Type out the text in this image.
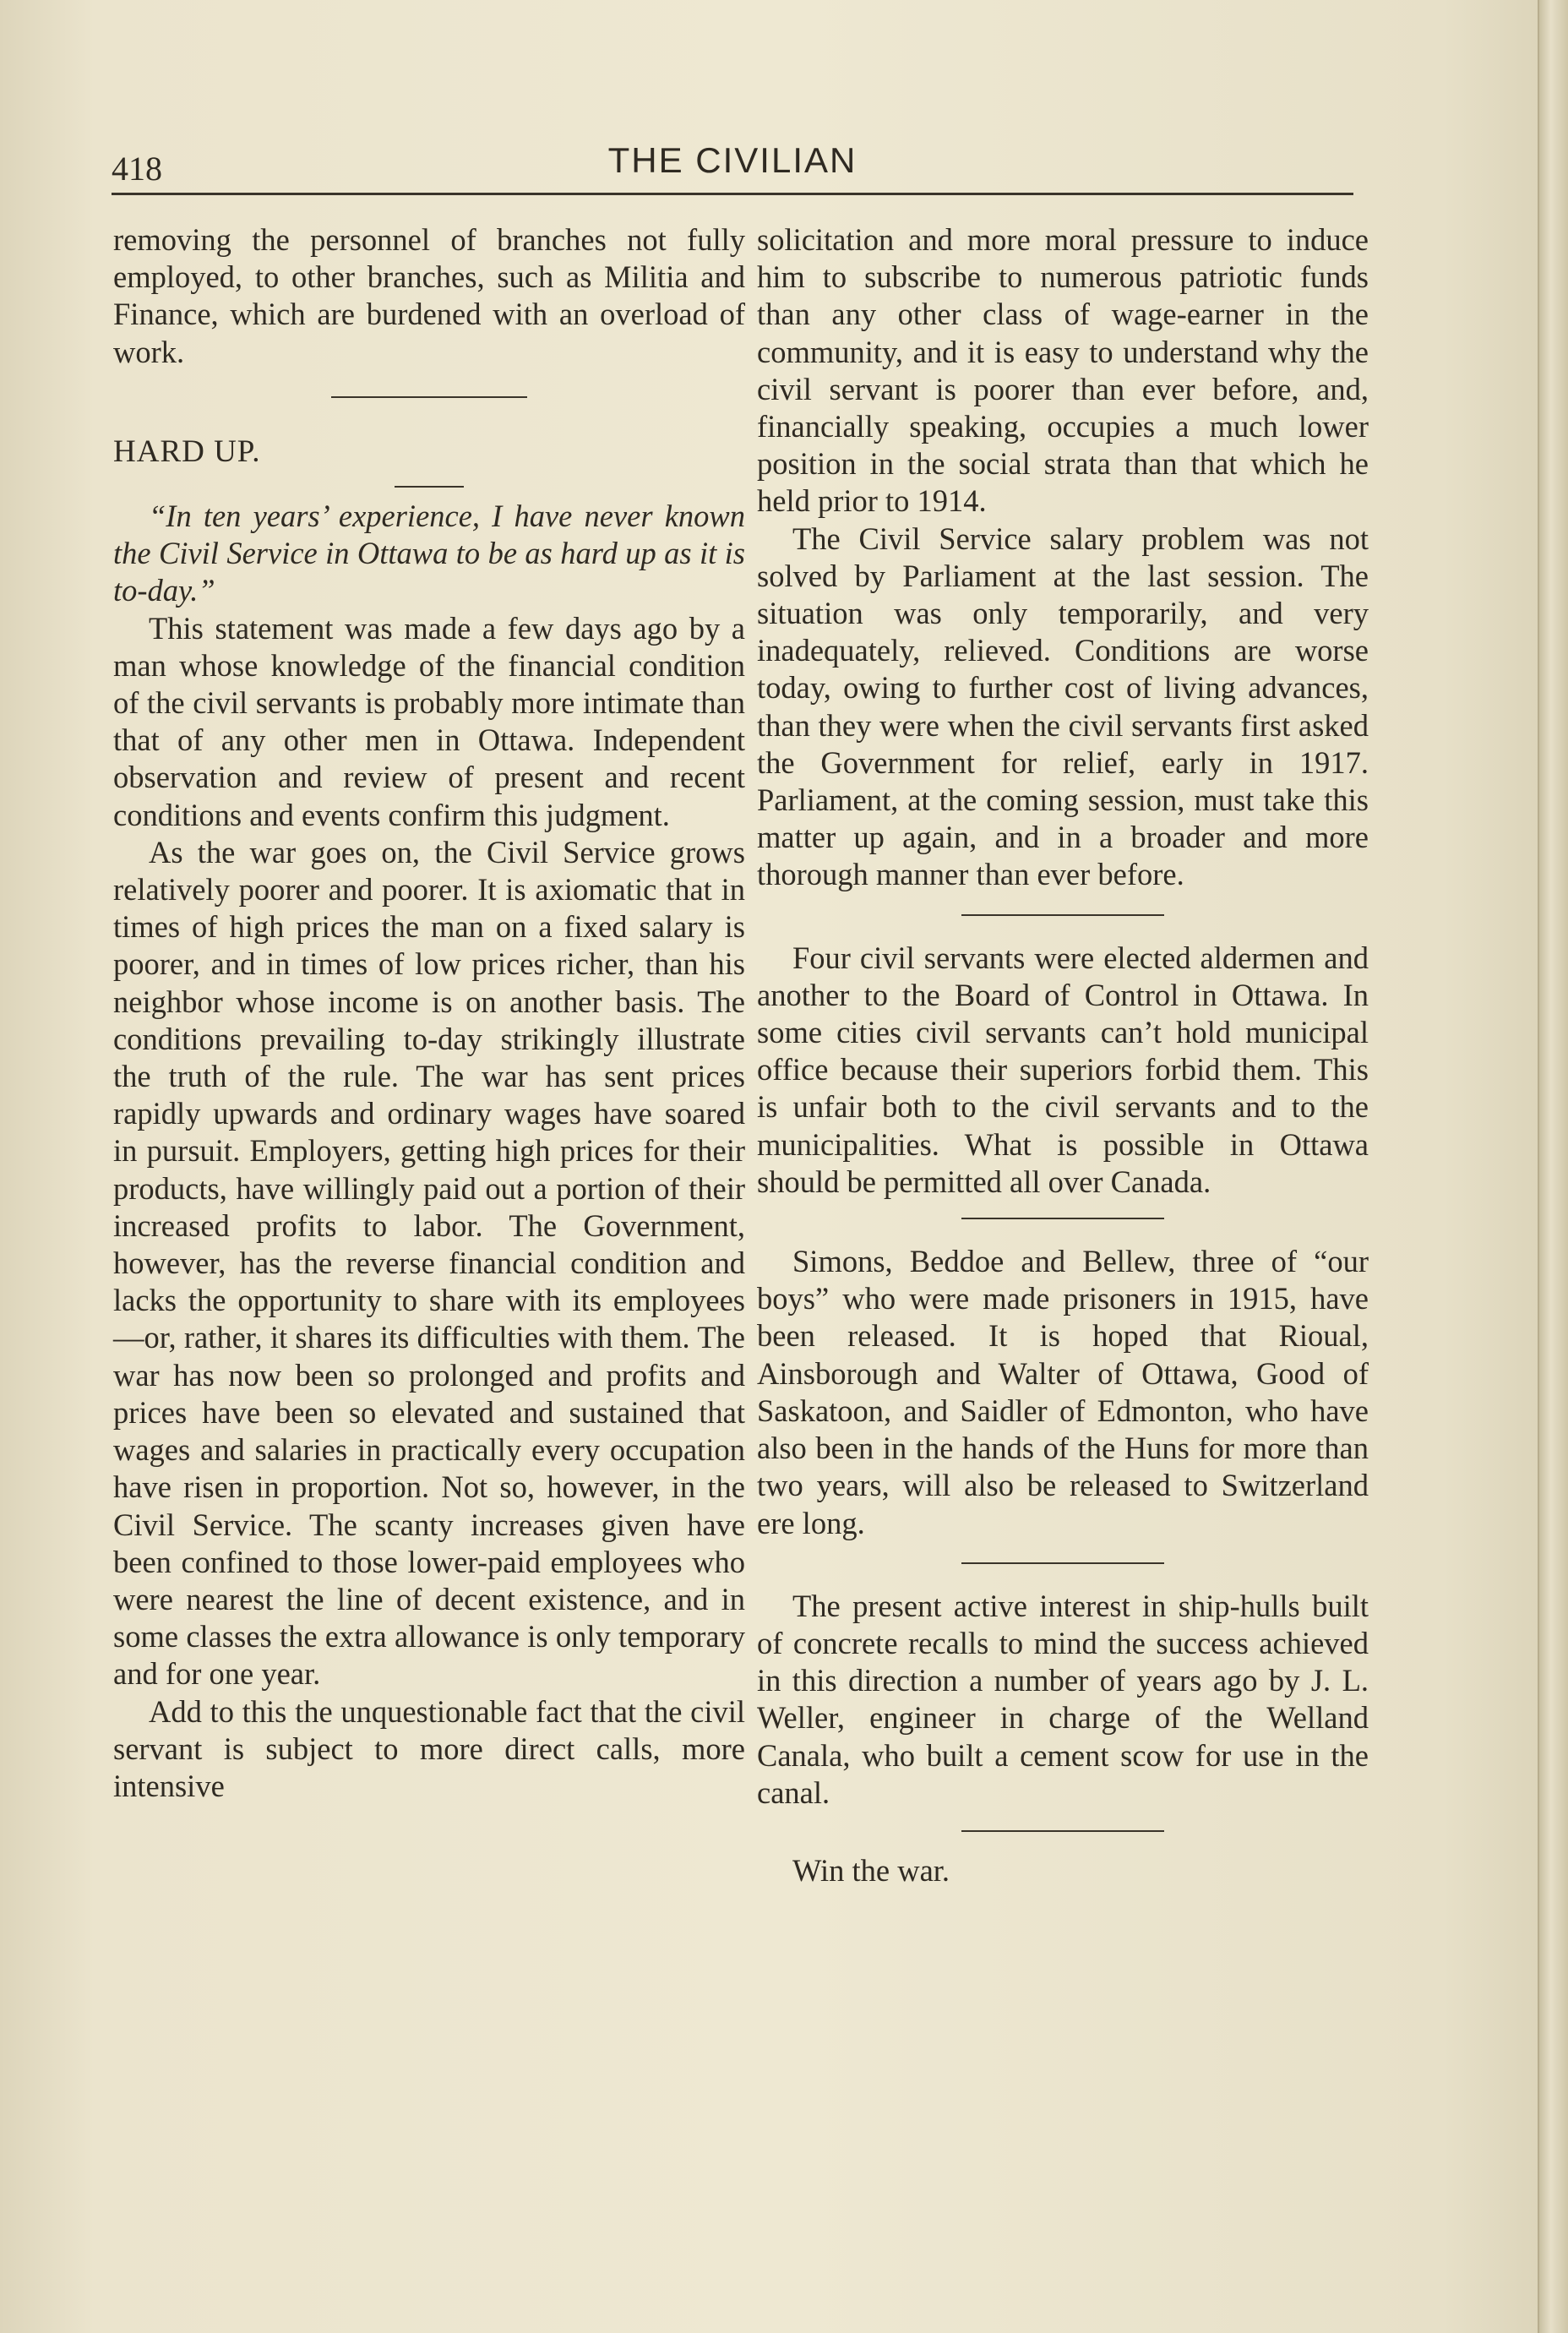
418	THE CIVILIAN

removing the personnel of branches not fully employed, to other branches, such as Militia and Finance, which are burdened with an overload of work.

HARD UP.

“In ten years’ experience, I have never known the Civil Service in Ottawa to be as hard up as it is to-day.”

This statement was made a few days ago by a man whose knowledge of the financial condition of the civil servants is probably more intimate than that of any other men in Ottawa. Independent observation and review of present and recent conditions and events confirm this judgment.

As the war goes on, the Civil Service grows relatively poorer and poorer. It is axiomatic that in times of high prices the man on a fixed salary is poorer, and in times of low prices richer, than his neighbor whose income is on another basis. The conditions prevailing to-day strikingly illustrate the truth of the rule. The war has sent prices rapidly upwards and ordinary wages have soared in pursuit. Employers, getting high prices for their products, have willingly paid out a portion of their increased profits to labor. The Government, however, has the reverse financial condition and lacks the opportunity to share with its employees—or, rather, it shares its difficulties with them. The war has now been so prolonged and profits and prices have been so elevated and sustained that wages and salaries in practically every occupation have risen in proportion. Not so, however, in the Civil Service. The scanty increases given have been confined to those lower-paid employees who were nearest the line of decent existence, and in some classes the extra allowance is only temporary and for one year.

Add to this the unquestionable fact that the civil servant is subject to more direct calls, more intensive

solicitation and more moral pressure to induce him to subscribe to numerous patriotic funds than any other class of wage-earner in the community, and it is easy to understand why the civil servant is poorer than ever before, and, financially speaking, occupies a much lower position in the social strata than that which he held prior to 1914.

The Civil Service salary problem was not solved by Parliament at the last session. The situation was only temporarily, and very inadequately, relieved. Conditions are worse today, owing to further cost of living advances, than they were when the civil servants first asked the Government for relief, early in 1917. Parliament, at the coming session, must take this matter up again, and in a broader and more thorough manner than ever before.

Four civil servants were elected aldermen and another to the Board of Control in Ottawa. In some cities civil servants can’t hold municipal office because their superiors forbid them. This is unfair both to the civil servants and to the municipalities. What is possible in Ottawa should be permitted all over Canada.

Simons, Beddoe and Bellew, three of “our boys” who were made prisoners in 1915, have been released. It is hoped that Rioual, Ainsborough and Walter of Ottawa, Good of Saskatoon, and Saidler of Edmonton, who have also been in the hands of the Huns for more than two years, will also be released to Switzerland ere long.

The present active interest in ship-hulls built of concrete recalls to mind the success achieved in this direction a number of years ago by J. L. Weller, engineer in charge of the Welland Canala, who built a cement scow for use in the canal.

Win the war.
